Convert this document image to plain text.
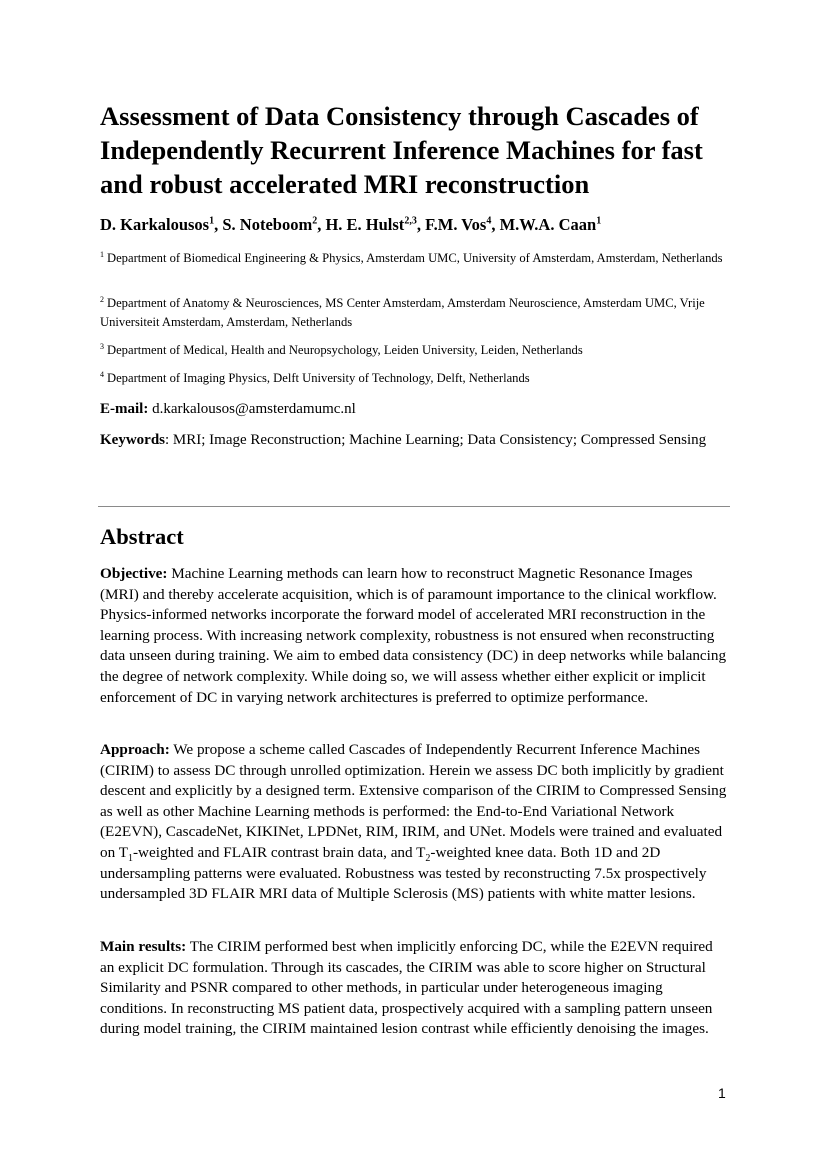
Assessment of Data Consistency through Cascades of Independently Recurrent Inference Machines for fast and robust accelerated MRI reconstruction
D. Karkalousos$^1$, S. Noteboom$^2$, H. E. Hulst$^{2,3}$, F.M. Vos$^4$, M.W.A. Caan$^1$
$^1$ Department of Biomedical Engineering & Physics, Amsterdam UMC, University of Amsterdam, Amsterdam, Netherlands
$^2$ Department of Anatomy & Neurosciences, MS Center Amsterdam, Amsterdam Neuroscience, Amsterdam UMC, Vrije Universiteit Amsterdam, Amsterdam, Netherlands
$^3$ Department of Medical, Health and Neuropsychology, Leiden University, Leiden, Netherlands
$^4$ Department of Imaging Physics, Delft University of Technology, Delft, Netherlands
E-mail: d.karkalousos@amsterdamumc.nl
Keywords: MRI; Image Reconstruction; Machine Learning; Data Consistency; Compressed Sensing
Abstract

Objective: Machine Learning methods can learn how to reconstruct Magnetic Resonance Images (MRI) and thereby accelerate acquisition, which is of paramount importance to the clinical workflow. Physics-informed networks incorporate the forward model of accelerated MRI reconstruction in the learning process. With increasing network complexity, robustness is not ensured when reconstructing data unseen during training. We aim to embed data consistency (DC) in deep networks while balancing the degree of network complexity. While doing so, we will assess whether either explicit or implicit enforcement of DC in varying network architectures is preferred to optimize performance.

Approach: We propose a scheme called Cascades of Independently Recurrent Inference Machines (CIRIM) to assess DC through unrolled optimization. Herein we assess DC both implicitly by gradient descent and explicitly by a designed term. Extensive comparison of the CIRIM to Compressed Sensing as well as other Machine Learning methods is performed: the End-to-End Variational Network (E2EVN), CascadeNet, KIKINet, LPDNet, RIM, IRIM, and UNet. Models were trained and evaluated on $T_1$-weighted and FLAIR contrast brain data, and $T_2$-weighted knee data. Both 1D and 2D undersampling patterns were evaluated. Robustness was tested by reconstructing 7.5x prospectively undersampled 3D FLAIR MRI data of Multiple Sclerosis (MS) patients with white matter lesions.

Main results: The CIRIM performed best when implicitly enforcing DC, while the E2EVN required an explicit DC formulation. Through its cascades, the CIRIM was able to score higher on Structural Similarity and PSNR compared to other methods, in particular under heterogeneous imaging conditions. In reconstructing MS patient data, prospectively acquired with a sampling pattern unseen during model training, the CIRIM maintained lesion contrast while efficiently denoising the images.

1
